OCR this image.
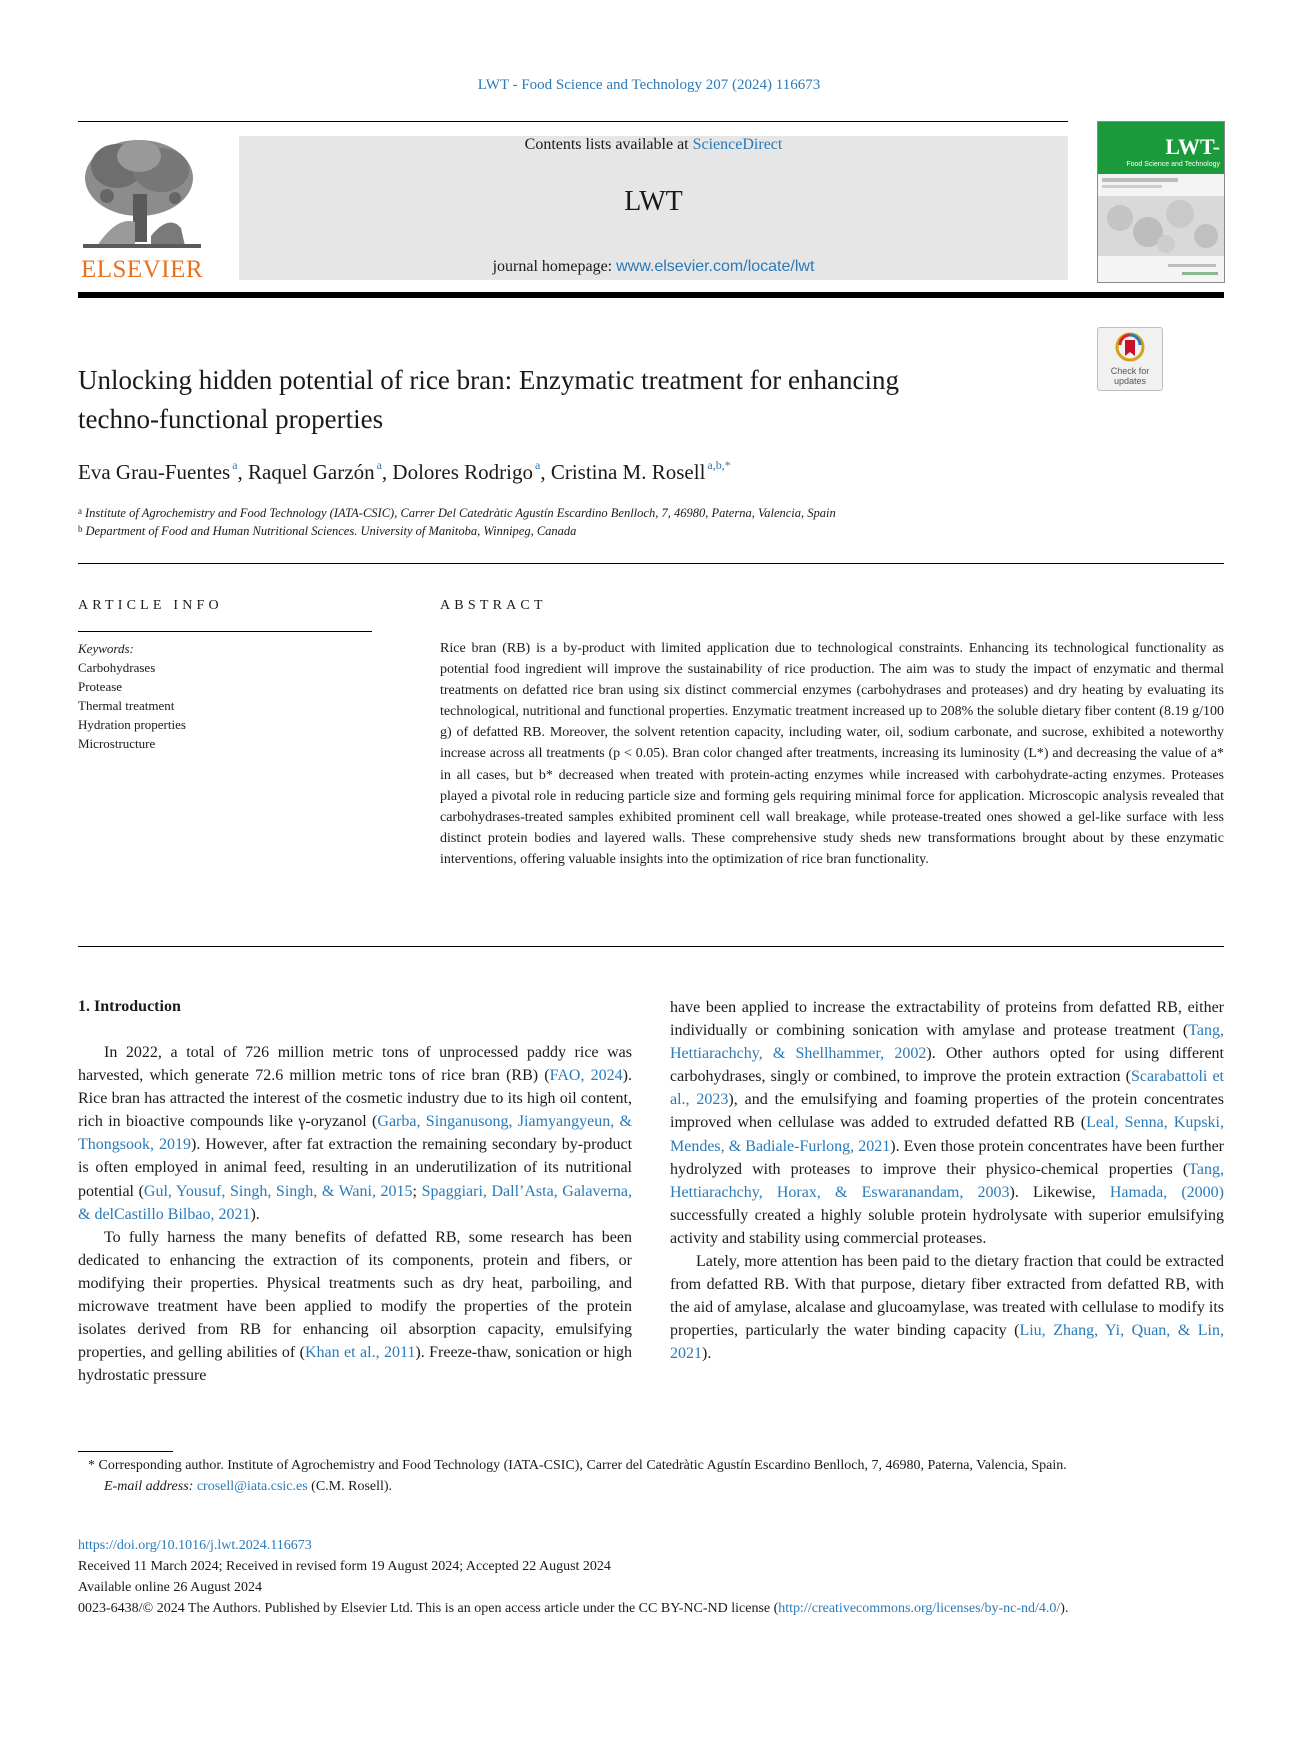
LWT - Food Science and Technology 207 (2024) 116673
ELSEVIER
Contents lists available at ScienceDirect
LWT
journal homepage: www.elsevier.com/locate/lwt
LWT-
Food Science and Technology
Check for updates
Unlocking hidden potential of rice bran: Enzymatic treatment for enhancing techno-functional properties
Eva Grau-Fuentes $^a$, Raquel Garzón $^a$, Dolores Rodrigo $^a$, Cristina M. Rosell $^{a,b,*}$
$^a$ Institute of Agrochemistry and Food Technology (IATA-CSIC), Carrer Del Catedràtic Agustín Escardino Benlloch, 7, 46980, Paterna, Valencia, Spain
$^b$ Department of Food and Human Nutritional Sciences. University of Manitoba, Winnipeg, Canada
ARTICLE INFO	ABSTRACT
Keywords:
Carbohydrases
Protease
Thermal treatment
Hydration properties
Microstructure
Rice bran (RB) is a by-product with limited application due to technological constraints. Enhancing its technological functionality as potential food ingredient will improve the sustainability of rice production. The aim was to study the impact of enzymatic and thermal treatments on defatted rice bran using six distinct commercial enzymes (carbohydrases and proteases) and dry heating by evaluating its technological, nutritional and functional properties. Enzymatic treatment increased up to 208% the soluble dietary fiber content (8.19 g/100 g) of defatted RB. Moreover, the solvent retention capacity, including water, oil, sodium carbonate, and sucrose, exhibited a noteworthy increase across all treatments (p < 0.05). Bran color changed after treatments, increasing its luminosity (L*) and decreasing the value of a* in all cases, but b* decreased when treated with protein-acting enzymes while increased with carbohydrate-acting enzymes. Proteases played a pivotal role in reducing particle size and forming gels requiring minimal force for application. Microscopic analysis revealed that carbohydrases-treated samples exhibited prominent cell wall breakage, while protease-treated ones showed a gel-like surface with less distinct protein bodies and layered walls. These comprehensive study sheds new transformations brought about by these enzymatic interventions, offering valuable insights into the optimization of rice bran functionality.
1. Introduction

In 2022, a total of 726 million metric tons of unprocessed paddy rice was harvested, which generate 72.6 million metric tons of rice bran (RB) (FAO, 2024). Rice bran has attracted the interest of the cosmetic industry due to its high oil content, rich in bioactive compounds like γ-oryzanol (Garba, Singanusong, Jiamyangyeun, & Thongsook, 2019). However, after fat extraction the remaining secondary by-product is often employed in animal feed, resulting in an underutilization of its nutritional potential (Gul, Yousuf, Singh, Singh, & Wani, 2015; Spaggiari, Dall’Asta, Galaverna, & delCastillo Bilbao, 2021).

To fully harness the many benefits of defatted RB, some research has been dedicated to enhancing the extraction of its components, protein and fibers, or modifying their properties. Physical treatments such as dry heat, parboiling, and microwave treatment have been applied to modify the properties of the protein isolates derived from RB for enhancing oil absorption capacity, emulsifying properties, and gelling abilities of (Khan et al., 2011). Freeze-thaw, sonication or high hydrostatic pressure

have been applied to increase the extractability of proteins from defatted RB, either individually or combining sonication with amylase and protease treatment (Tang, Hettiarachchy, & Shellhammer, 2002). Other authors opted for using different carbohydrases, singly or combined, to improve the protein extraction (Scarabattoli et al., 2023), and the emulsifying and foaming properties of the protein concentrates improved when cellulase was added to extruded defatted RB (Leal, Senna, Kupski, Mendes, & Badiale-Furlong, 2021). Even those protein concentrates have been further hydrolyzed with proteases to improve their physico-chemical properties (Tang, Hettiarachchy, Horax, & Eswaranandam, 2003). Likewise, Hamada, (2000) successfully created a highly soluble protein hydrolysate with superior emulsifying activity and stability using commercial proteases.

Lately, more attention has been paid to the dietary fraction that could be extracted from defatted RB. With that purpose, dietary fiber extracted from defatted RB, with the aid of amylase, alcalase and glucoamylase, was treated with cellulase to modify its properties, particularly the water binding capacity (Liu, Zhang, Yi, Quan, & Lin, 2021).

* Corresponding author. Institute of Agrochemistry and Food Technology (IATA-CSIC), Carrer del Catedràtic Agustín Escardino Benlloch, 7, 46980, Paterna, Valencia, Spain.
E-mail address: crosell@iata.csic.es (C.M. Rosell).
https://doi.org/10.1016/j.lwt.2024.116673
Received 11 March 2024; Received in revised form 19 August 2024; Accepted 22 August 2024
Available online 26 August 2024
0023-6438/© 2024 The Authors. Published by Elsevier Ltd. This is an open access article under the CC BY-NC-ND license (http://creativecommons.org/licenses/by-nc-nd/4.0/).
